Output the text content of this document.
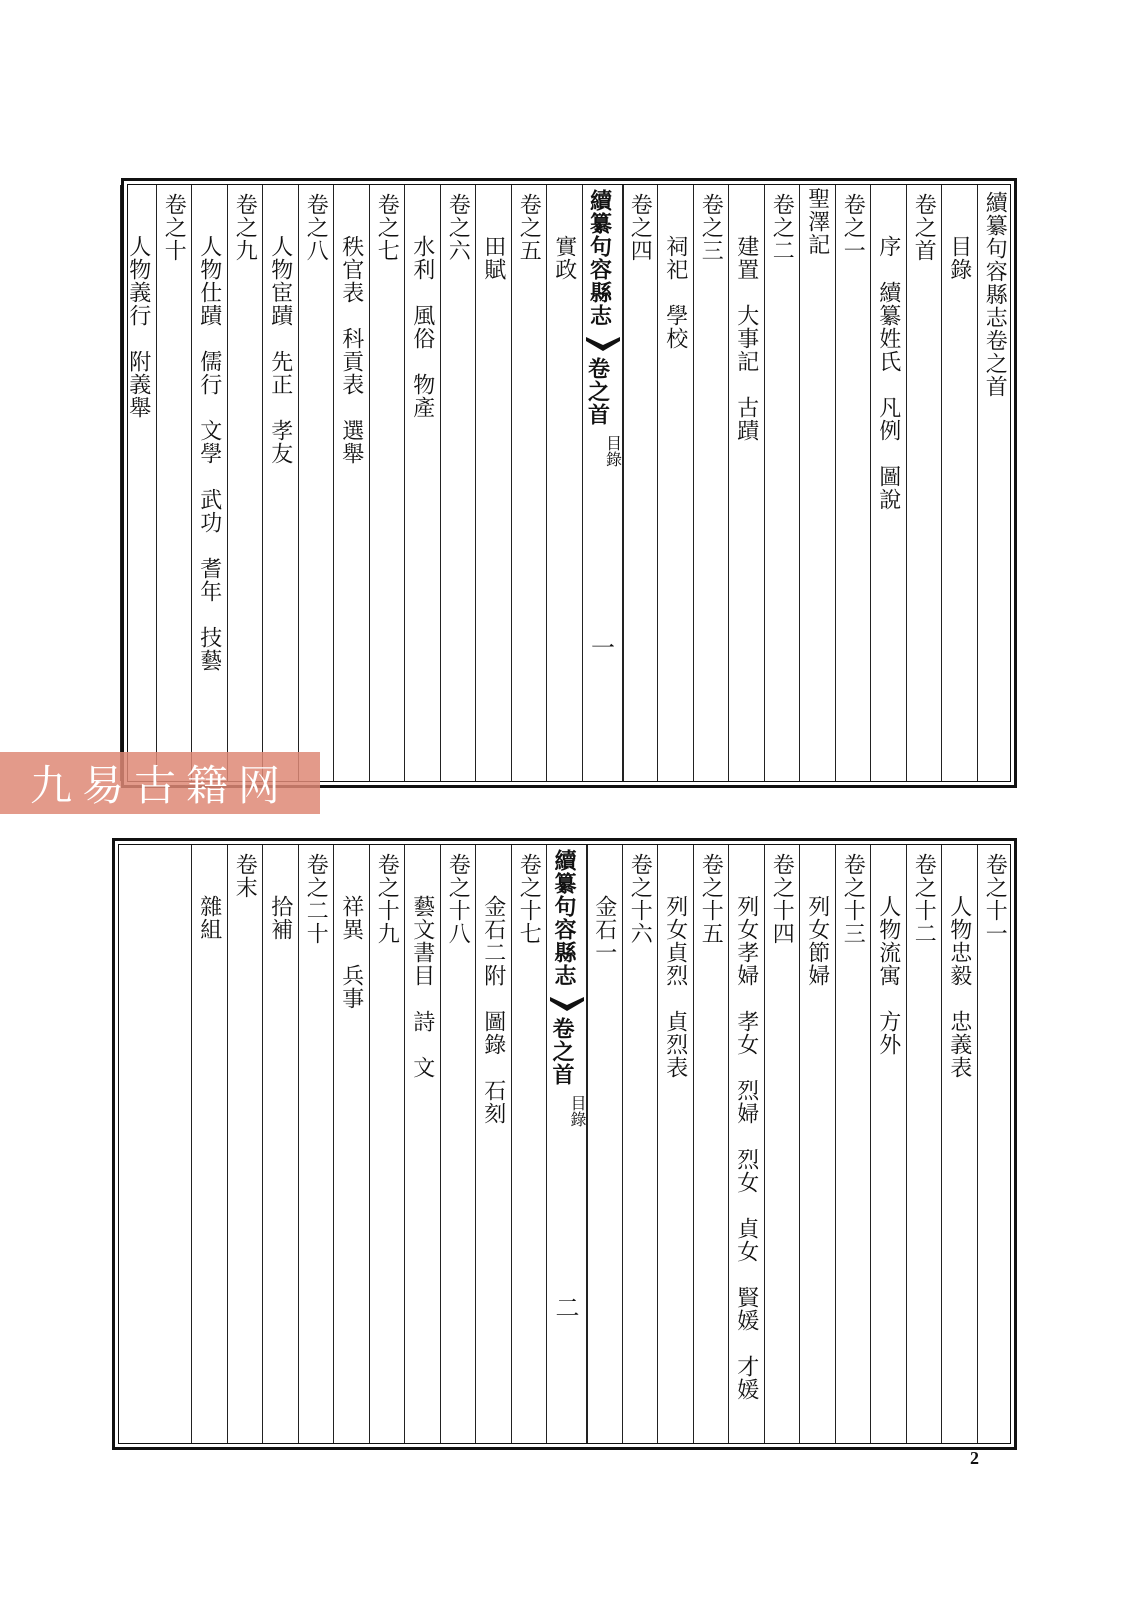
續纂句容縣志卷之首
目錄
卷之首
序　續纂姓氏　凡例　圖說
卷之一
聖澤記
卷之二
建置　大事記　古蹟
卷之三
祠祀　學校
卷之四
續纂句容縣志
卷之首
目錄
一
實政
卷之五
田賦
卷之六
水利　風俗　物產
卷之七
秩官表　科貢表　選舉
卷之八
人物宦蹟　先正　孝友
卷之九
人物仕蹟　儒行　文學　武功　耆年　技藝
卷之十
人物義行　附義舉
卷之十一
人物忠毅　忠義表
卷之十二
人物流寓　方外
卷之十三
列女節婦
卷之十四
列女孝婦　孝女　烈婦　烈女　貞女　賢媛　才媛
卷之十五
列女貞烈　貞烈表
卷之十六
金石一
續纂句容縣志
卷之首
目錄
二
卷之十七
金石二附　圖錄　石刻
卷之十八
藝文書目　詩　文
卷之十九
祥異　兵事
卷之二十
拾補
卷末
雜組
九易古籍网
2
